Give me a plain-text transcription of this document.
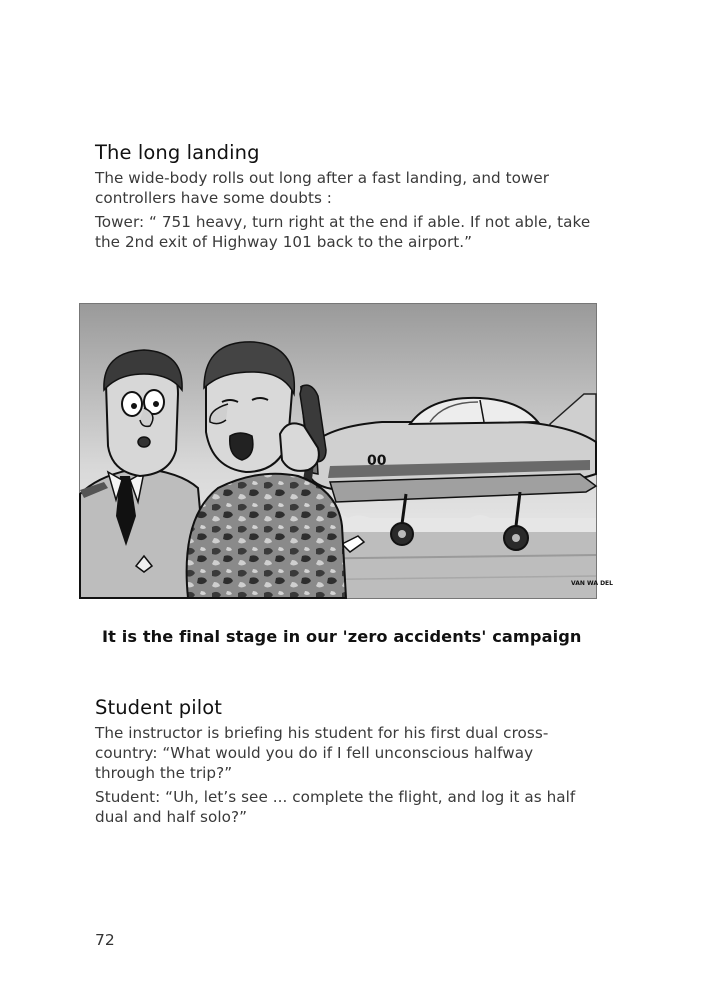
The long landing

The wide-body rolls out long after a fast landing, and tower controllers have some doubts :

Tower: “ 751 heavy, turn right at the end if able. If not able, take the 2nd exit of Highway 101 back to the airport.”

00
VAN WA DEL
It is the final stage in our 'zero accidents' campaign
Student pilot

The instructor is briefing his student for his first dual cross-country: “What would you do if I fell unconscious halfway through the trip?”

Student: “Uh, let’s see ... complete the flight, and log it as half dual and half solo?”

72
